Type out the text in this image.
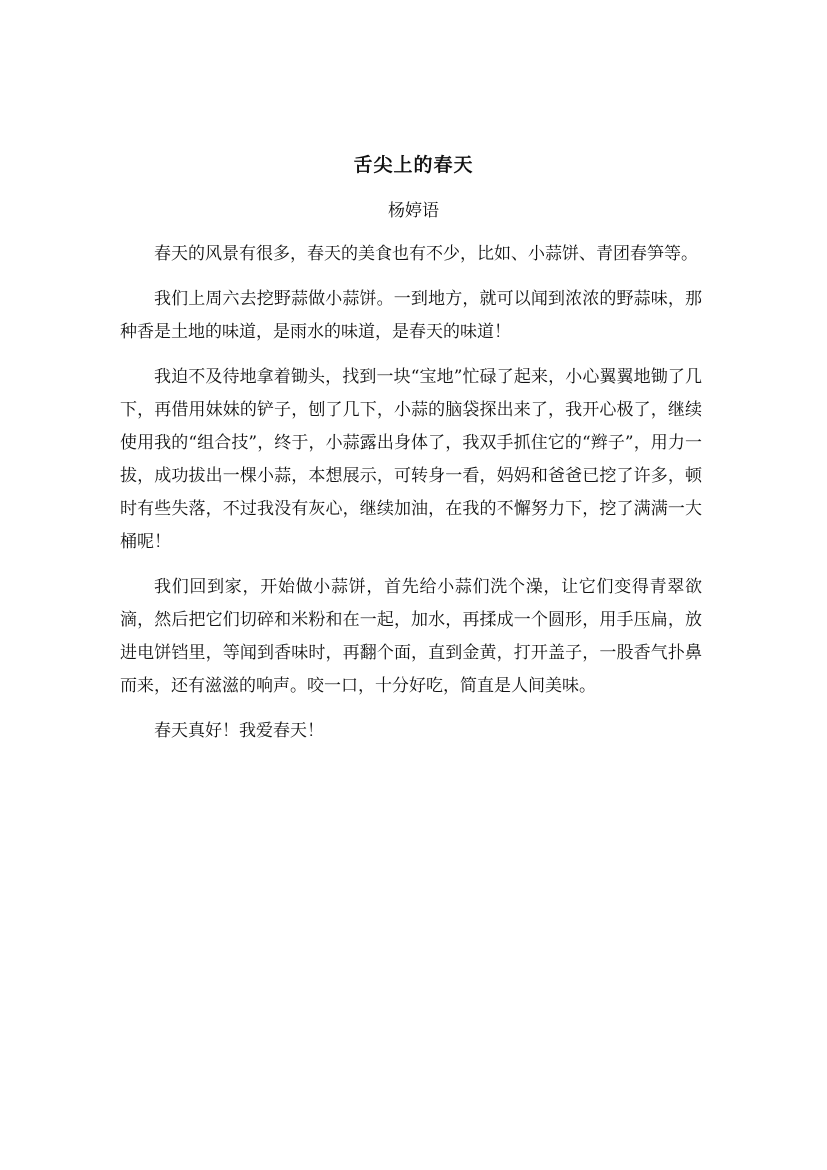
舌尖上的春天
杨婷语

春天的风景有很多，春天的美食也有不少，比如、小蒜饼、青团春笋等。

我们上周六去挖野蒜做小蒜饼。一到地方，就可以闻到浓浓的野蒜味，那种香是土地的味道，是雨水的味道，是春天的味道！

我迫不及待地拿着锄头，找到一块“宝地”忙碌了起来，小心翼翼地锄了几下，再借用妹妹的铲子，刨了几下，小蒜的脑袋探出来了，我开心极了，继续使用我的“组合技”，终于，小蒜露出身体了，我双手抓住它的“辫子”，用力一拔，成功拔出一棵小蒜，本想展示，可转身一看，妈妈和爸爸已挖了许多，顿时有些失落，不过我没有灰心，继续加油，在我的不懈努力下，挖了满满一大桶呢！

我们回到家，开始做小蒜饼，首先给小蒜们洗个澡，让它们变得青翠欲滴，然后把它们切碎和米粉和在一起，加水，再揉成一个圆形，用手压扁，放进电饼铛里，等闻到香味时，再翻个面，直到金黄，打开盖子，一股香气扑鼻而来，还有滋滋的响声。咬一口，十分好吃，简直是人间美味。

春天真好！我爱春天！
